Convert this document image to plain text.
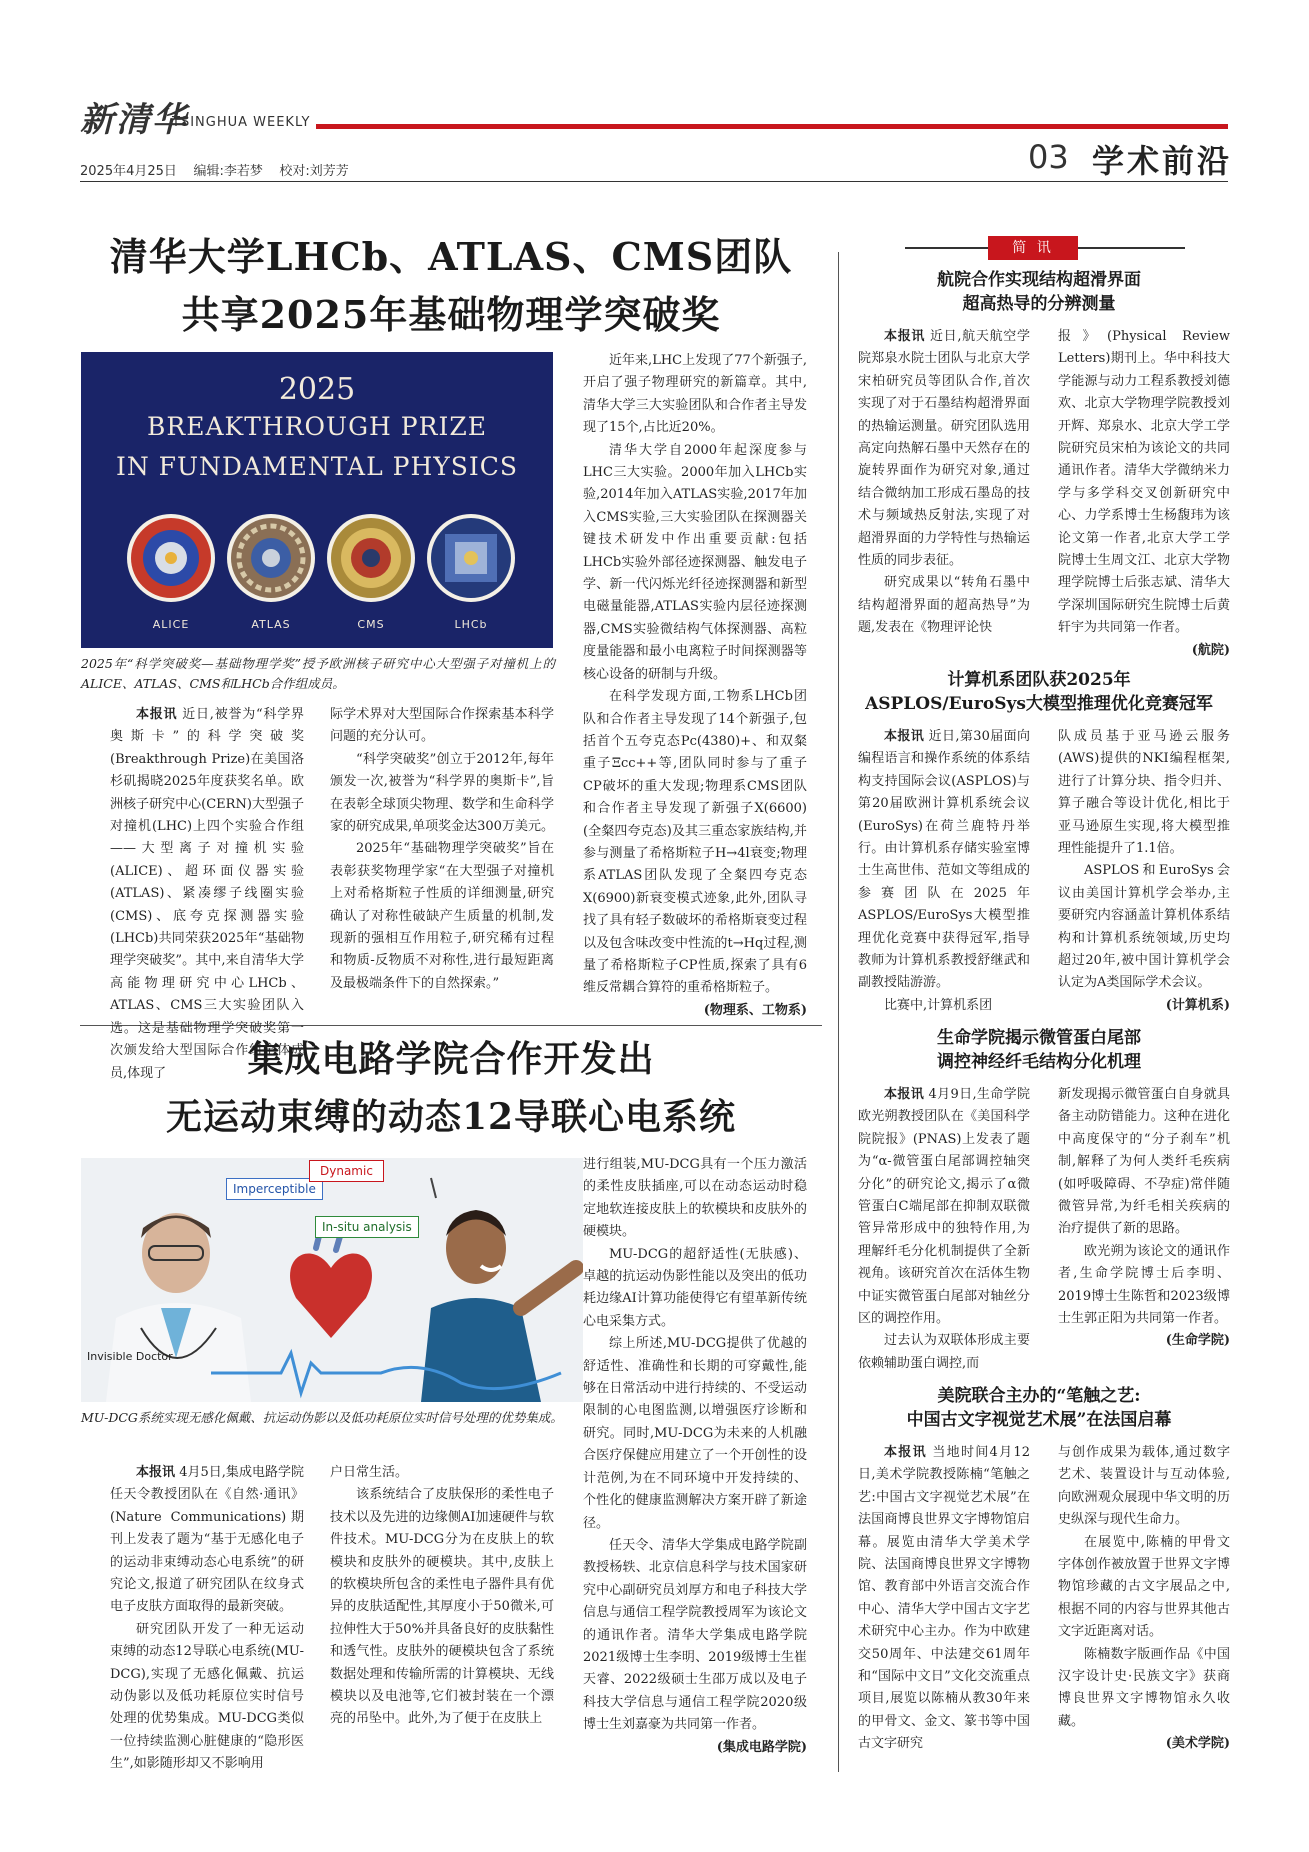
新清华
TSINGHUA WEEKLY
2025年4月25日 编辑:李若梦 校对:刘芳芳	03 学术前沿
清华大学LHCb、ATLAS、CMS团队
共享2025年基础物理学突破奖
2025
BREAKTHROUGH PRIZE
IN FUNDAMENTAL PHYSICS
ALICE	ATLAS	CMS	LHCb
2025年“科学突破奖—基础物理学奖”授予欧洲核子研究中心大型强子对撞机上的ALICE、ATLAS、CMS和LHCb合作组成员。

本报讯 近日,被誉为“科学界奥斯卡”的科学突破奖(Breakthrough Prize)在美国洛杉矶揭晓2025年度获奖名单。欧洲核子研究中心(CERN)大型强子对撞机(LHC)上四个实验合作组——大型离子对撞机实验(ALICE)、超环面仪器实验(ATLAS)、紧凑缪子线圈实验(CMS)、底夸克探测器实验(LHCb)共同荣获2025年“基础物理学突破奖”。其中,来自清华大学高能物理研究中心LHCb、ATLAS、CMS三大实验团队入选。这是基础物理学突破奖第一次颁发给大型国际合作组全体成员,体现了

际学术界对大型国际合作探索基本科学问题的充分认可。

“科学突破奖”创立于2012年,每年颁发一次,被誉为“科学界的奥斯卡”,旨在表彰全球顶尖物理、数学和生命科学家的研究成果,单项奖金达300万美元。

2025年“基础物理学突破奖”旨在表彰获奖物理学家“在大型强子对撞机上对希格斯粒子性质的详细测量,研究确认了对称性破缺产生质量的机制,发现新的强相互作用粒子,研究稀有过程和物质-反物质不对称性,进行最短距离及最极端条件下的自然探索。”

近年来,LHC上发现了77个新强子,开启了强子物理研究的新篇章。其中,清华大学三大实验团队和合作者主导发现了15个,占比近20%。

清华大学自2000年起深度参与LHC三大实验。2000年加入LHCb实验,2014年加入ATLAS实验,2017年加入CMS实验,三大实验团队在探测器关键技术研发中作出重要贡献:包括LHCb实验外部径迹探测器、触发电子学、新一代闪烁光纤径迹探测器和新型电磁量能器,ATLAS实验内层径迹探测器,CMS实验微结构气体探测器、高粒度量能器和最小电离粒子时间探测器等核心设备的研制与升级。

在科学发现方面,工物系LHCb团队和合作者主导发现了14个新强子,包括首个五夸克态Pc(4380)+、和双粲重子Ξcc++等,团队同时参与了重子CP破坏的重大发现;物理系CMS团队和合作者主导发现了新强子X(6600)(全粲四夸克态)及其三重态家族结构,并参与测量了希格斯粒子H→4l衰变;物理系ATLAS团队发现了全粲四夸克态X(6900)新衰变模式迹象,此外,团队寻找了具有轻子数破坏的希格斯衰变过程以及包含味改变中性流的t→Hq过程,测量了希格斯粒子CP性质,探索了具有6维反常耦合算符的重希格斯粒子。

(物理系、工物系)

集成电路学院合作开发出
无运动束缚的动态12导联心电系统
Imperceptible
Dynamic
In-situ analysis
Invisible Doctor
MU-DCG系统实现无感化佩戴、抗运动伪影以及低功耗原位实时信号处理的优势集成。

本报讯 4月5日,集成电路学院任天令教授团队在《自然·通讯》(Nature Communications)期刊上发表了题为“基于无感化电子的运动非束缚动态心电系统”的研究论文,报道了研究团队在纹身式电子皮肤方面取得的最新突破。

研究团队开发了一种无运动束缚的动态12导联心电系统(MU-DCG),实现了无感化佩戴、抗运动伪影以及低功耗原位实时信号处理的优势集成。MU-DCG类似一位持续监测心脏健康的“隐形医生”,如影随形却又不影响用

户日常生活。

该系统结合了皮肤保形的柔性电子技术以及先进的边缘侧AI加速硬件与软件技术。MU-DCG分为在皮肤上的软模块和皮肤外的硬模块。其中,皮肤上的软模块所包含的柔性电子器件具有优异的皮肤适配性,其厚度小于50微米,可拉伸性大于50%并具备良好的皮肤黏性和透气性。皮肤外的硬模块包含了系统数据处理和传输所需的计算模块、无线模块以及电池等,它们被封装在一个漂亮的吊坠中。此外,为了便于在皮肤上

进行组装,MU-DCG具有一个压力激活的柔性皮肤插座,可以在动态运动时稳定地软连接皮肤上的软模块和皮肤外的硬模块。

MU-DCG的超舒适性(无肤感)、卓越的抗运动伪影性能以及突出的低功耗边缘AI计算功能使得它有望革新传统心电采集方式。

综上所述,MU-DCG提供了优越的舒适性、准确性和长期的可穿戴性,能够在日常活动中进行持续的、不受运动限制的心电图监测,以增强医疗诊断和研究。同时,MU-DCG为未来的人机融合医疗保健应用建立了一个开创性的设计范例,为在不同环境中开发持续的、个性化的健康监测解决方案开辟了新途径。

任天令、清华大学集成电路学院副教授杨轶、北京信息科学与技术国家研究中心副研究员刘厚方和电子科技大学信息与通信工程学院教授周军为该论文的通讯作者。清华大学集成电路学院2021级博士生李明、2019级博士生崔天睿、2022级硕士生邵万成以及电子科技大学信息与通信工程学院2020级博士生刘嘉豪为共同第一作者。

(集成电路学院)

简 讯
航院合作实现结构超滑界面
超高热导的分辨测量

本报讯 近日,航天航空学院郑泉水院士团队与北京大学宋柏研究员等团队合作,首次实现了对于石墨结构超滑界面的热输运测量。研究团队选用高定向热解石墨中天然存在的旋转界面作为研究对象,通过结合微纳加工形成石墨岛的技术与频域热反射法,实现了对超滑界面的力学特性与热输运性质的同步表征。

研究成果以“转角石墨中结构超滑界面的超高热导”为题,发表在《物理评论快

报》(Physical Review Letters)期刊上。华中科技大学能源与动力工程系教授刘德欢、北京大学物理学院教授刘开辉、郑泉水、北京大学工学院研究员宋柏为该论文的共同通讯作者。清华大学微纳米力学与多学科交叉创新研究中心、力学系博士生杨馥玮为该论文第一作者,北京大学工学院博士生周文江、北京大学物理学院博士后张志斌、清华大学深圳国际研究生院博士后黄轩宇为共同第一作者。

(航院)

计算机系团队获2025年
ASPLOS/EuroSys大模型推理优化竞赛冠军

本报讯 近日,第30届面向编程语言和操作系统的体系结构支持国际会议(ASPLOS)与第20届欧洲计算机系统会议(EuroSys)在荷兰鹿特丹举行。由计算机系存储实验室博士生高世伟、范如文等组成的参赛团队在2025年ASPLOS/EuroSys大模型推理优化竞赛中获得冠军,指导教师为计算机系教授舒继武和副教授陆游游。

比赛中,计算机系团

队成员基于亚马逊云服务(AWS)提供的NKI编程框架,进行了计算分块、指令归并、算子融合等设计优化,相比于亚马逊原生实现,将大模型推理性能提升了1.1倍。

ASPLOS和EuroSys会议由美国计算机学会举办,主要研究内容涵盖计算机体系结构和计算机系统领域,历史均超过20年,被中国计算机学会认定为A类国际学术会议。

(计算机系)

生命学院揭示微管蛋白尾部
调控神经纤毛结构分化机理

本报讯 4月9日,生命学院欧光朔教授团队在《美国科学院院报》(PNAS)上发表了题为“α-微管蛋白尾部调控轴突分化”的研究论文,揭示了α微管蛋白C端尾部在抑制双联微管异常形成中的独特作用,为理解纤毛分化机制提供了全新视角。该研究首次在活体生物中证实微管蛋白尾部对轴丝分区的调控作用。

过去认为双联体形成主要依赖辅助蛋白调控,而

新发现揭示微管蛋白自身就具备主动防错能力。这种在进化中高度保守的“分子刹车”机制,解释了为何人类纤毛疾病(如呼吸障碍、不孕症)常伴随微管异常,为纤毛相关疾病的治疗提供了新的思路。

欧光朔为该论文的通讯作者,生命学院博士后李明、2019博士生陈哲和2023级博士生郭正阳为共同第一作者。

(生命学院)

美院联合主办的“笔触之艺:
中国古文字视觉艺术展”在法国启幕

本报讯 当地时间4月12日,美术学院教授陈楠“笔触之艺:中国古文字视觉艺术展”在法国商博良世界文字博物馆启幕。展览由清华大学美术学院、法国商博良世界文字博物馆、教育部中外语言交流合作中心、清华大学中国古文字艺术研究中心主办。作为中欧建交50周年、中法建交61周年和“国际中文日”文化交流重点项目,展览以陈楠从教30年来的甲骨文、金文、篆书等中国古文字研究

与创作成果为载体,通过数字艺术、装置设计与互动体验,向欧洲观众展现中华文明的历史纵深与现代生命力。

在展览中,陈楠的甲骨文字体创作被放置于世界文字博物馆珍藏的古文字展品之中,根据不同的内容与世界其他古文字近距离对话。

陈楠数字版画作品《中国汉字设计史·民族文字》获商博良世界文字博物馆永久收藏。

(美术学院)
